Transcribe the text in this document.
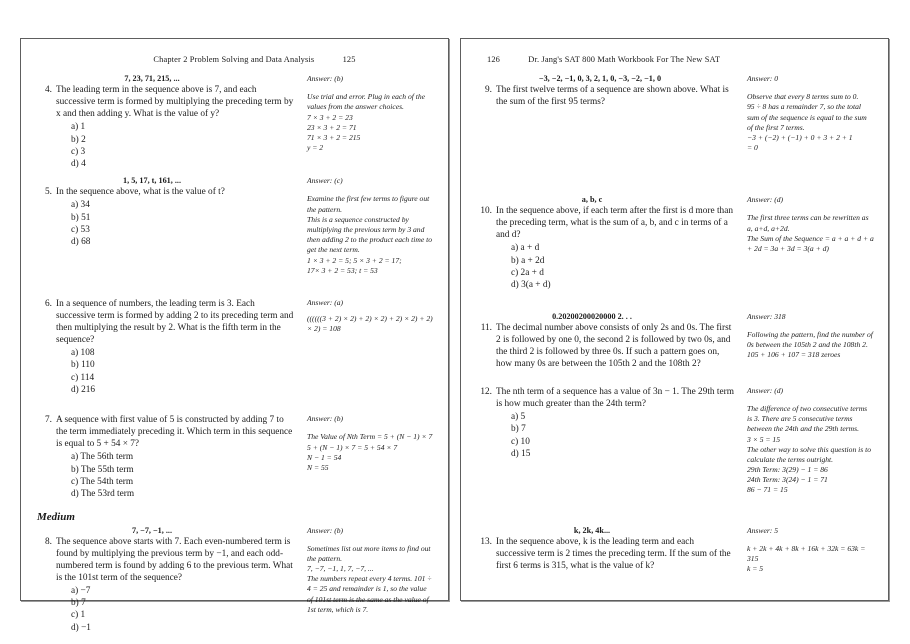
Chapter 2 Problem Solving and Data Analysis	125
7, 23, 71, 215, ...
4. The leading term in the sequence above is 7, and each successive term is formed by multiplying the preceding term by x and then adding y. What is the value of y?
a) 1
b) 2
c) 3
d) 4
Answer: (b)
Use trial and error. Plug in each of the values from the answer choices.
7 × 3 + 2 = 23
23 × 3 + 2 = 71
71 × 3 + 2 = 215
y = 2
1, 5, 17, t, 161, ...
5. In the sequence above, what is the value of t?
a) 34
b) 51
c) 53
d) 68
Answer: (c)
Examine the first few terms to figure out the pattern.
This is a sequence constructed by multiplying the previous term by 3 and then adding 2 to the product each time to get the next term.
1 × 3 + 2 = 5; 5 × 3 + 2 = 17;
17× 3 + 2 = 53; t = 53
6. In a sequence of numbers, the leading term is 3. Each successive term is formed by adding 2 to its preceding term and then multiplying the result by 2. What is the fifth term in the sequence?
a) 108
b) 110
c) 114
d) 216
Answer: (a)
((((((3 + 2) × 2) + 2) × 2) + 2) × 2) + 2) × 2) = 108
7. A sequence with first value of 5 is constructed by adding 7 to the term immediately preceding it. Which term in this sequence is equal to 5 + 54 × 7?
a) The 56th term
b) The 55th term
c) The 54th term
d) The 53rd term
Answer: (b)
The Value of Nth Term = 5 + (N − 1) × 7
5 + (N − 1) × 7 = 5 + 54 × 7
N − 1 = 54
N = 55
Medium
7, −7, −1, ...
8. The sequence above starts with 7. Each even-numbered term is found by multiplying the previous term by −1, and each odd-numbered term is found by adding 6 to the previous term. What is the 101st term of the sequence?
a) −7
b) 7
c) 1
d) −1
Answer: (b)
Sometimes list out more items to find out the pattern.
7, −7, −1, 1, 7, −7, ...
The numbers repeat every 4 terms. 101 ÷ 4 = 25 and remainder is 1, so the value of 101st term is the same as the value of 1st term, which is 7.
126	Dr. Jang's SAT 800 Math Workbook For The New SAT
−3, −2, −1, 0, 3, 2, 1, 0, −3, −2, −1, 0
9. The first twelve terms of a sequence are shown above. What is the sum of the first 95 terms?
Answer: 0
Observe that every 8 terms sum to 0.
95 ÷ 8 has a remainder 7, so the total sum of the sequence is equal to the sum of the first 7 terms.
−3 + (−2) + (−1) + 0 + 3 + 2 + 1
= 0
a, b, c
10. In the sequence above, if each term after the first is d more than the preceding term, what is the sum of a, b, and c in terms of a and d?
a) a + d
b) a + 2d
c) 2a + d
d) 3(a + d)
Answer: (d)
The first three terms can be rewritten as a, a+d, a+2d.
The Sum of the Sequence = a + a + d + a + 2d = 3a + 3d = 3(a + d)
0.20200200020000 2. . .
11. The decimal number above consists of only 2s and 0s. The first 2 is followed by one 0, the second 2 is followed by two 0s, and the third 2 is followed by three 0s. If such a pattern goes on, how many 0s are between the 105th 2 and the 108th 2?
Answer: 318
Following the pattern, find the number of 0s between the 105th 2 and the 108th 2.
105 + 106 + 107 = 318 zeroes
12. The nth term of a sequence has a value of 3n − 1. The 29th term is how much greater than the 24th term?
a) 5
b) 7
c) 10
d) 15
Answer: (d)
The difference of two consecutive terms is 3. There are 5 consecutive terms between the 24th and the 29th terms.
3 × 5 = 15
The other way to solve this question is to calculate the terms outright.
29th Term: 3(29) − 1 = 86
24th Term: 3(24) − 1 = 71
86 − 71 = 15
k, 2k, 4k...
13. In the sequence above, k is the leading term and each successive term is 2 times the preceding term. If the sum of the first 6 terms is 315, what is the value of k?
Answer: 5
k + 2k + 4k + 8k + 16k + 32k = 63k = 315
k = 5
